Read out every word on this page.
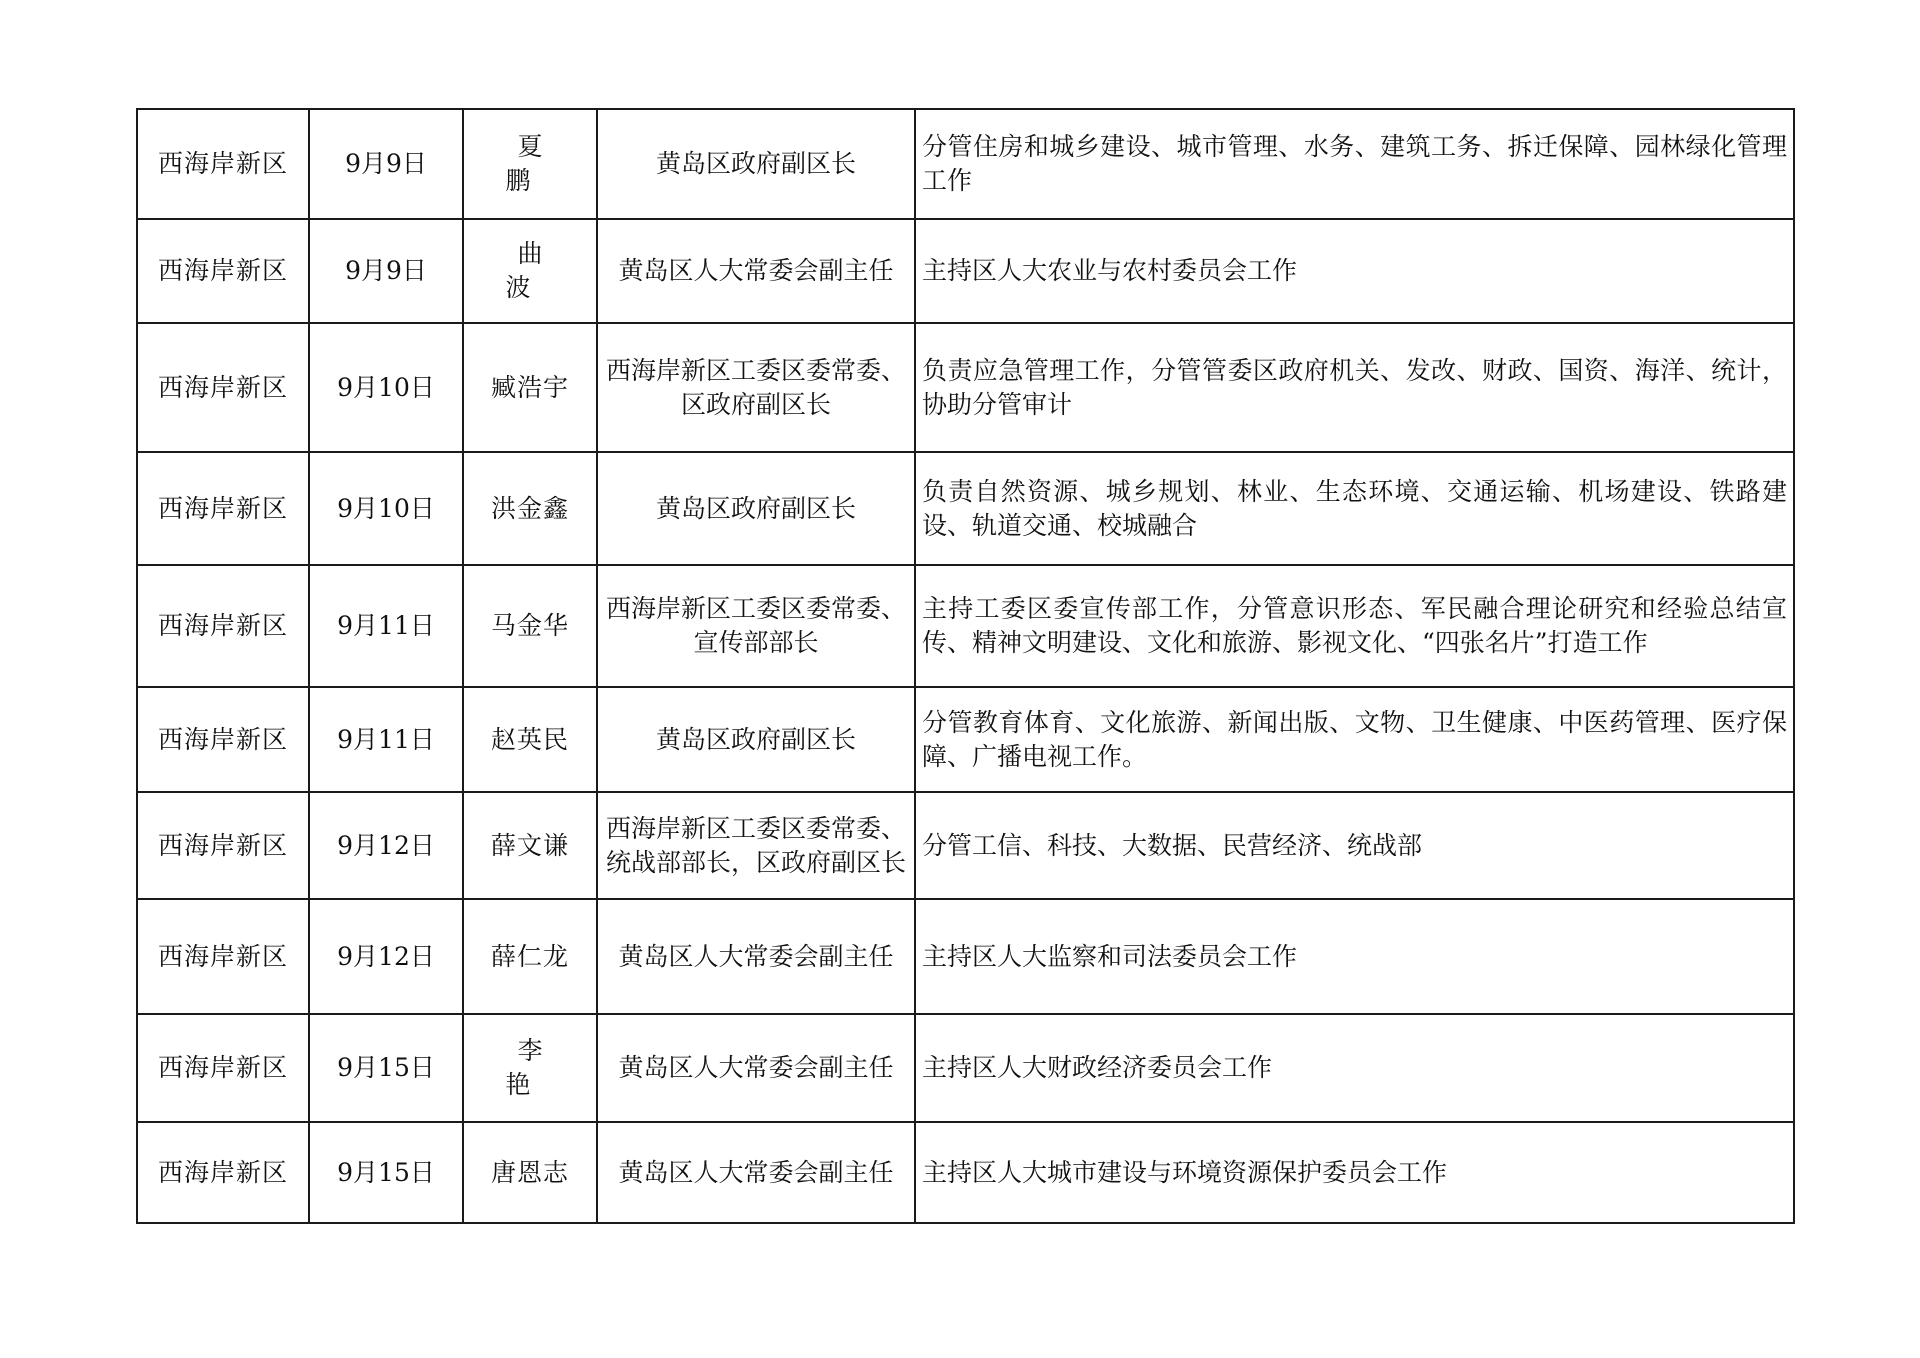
西海岸新区	9月9日	夏 鹏	黄岛区政府副区长	分管住房和城乡建设、城市管理、水务、建筑工务、拆迁保障、园林绿化管理工作
西海岸新区	9月9日	曲 波	黄岛区人大常委会副主任	主持区人大农业与农村委员会工作
西海岸新区	9月10日	臧浩宇	西海岸新区工委区委常委、区政府副区长	负责应急管理工作，分管管委区政府机关、发改、财政、国资、海洋、统计，协助分管审计
西海岸新区	9月10日	洪金鑫	黄岛区政府副区长	负责自然资源、城乡规划、林业、生态环境、交通运输、机场建设、铁路建设、轨道交通、校城融合
西海岸新区	9月11日	马金华	西海岸新区工委区委常委、宣传部部长	主持工委区委宣传部工作，分管意识形态、军民融合理论研究和经验总结宣传、精神文明建设、文化和旅游、影视文化、“四张名片”打造工作
西海岸新区	9月11日	赵英民	黄岛区政府副区长	分管教育体育、文化旅游、新闻出版、文物、卫生健康、中医药管理、医疗保障、广播电视工作。
西海岸新区	9月12日	薛文谦	西海岸新区工委区委常委、统战部部长，区政府副区长	分管工信、科技、大数据、民营经济、统战部
西海岸新区	9月12日	薛仁龙	黄岛区人大常委会副主任	主持区人大监察和司法委员会工作
西海岸新区	9月15日	李 艳	黄岛区人大常委会副主任	主持区人大财政经济委员会工作
西海岸新区	9月15日	唐恩志	黄岛区人大常委会副主任	主持区人大城市建设与环境资源保护委员会工作
